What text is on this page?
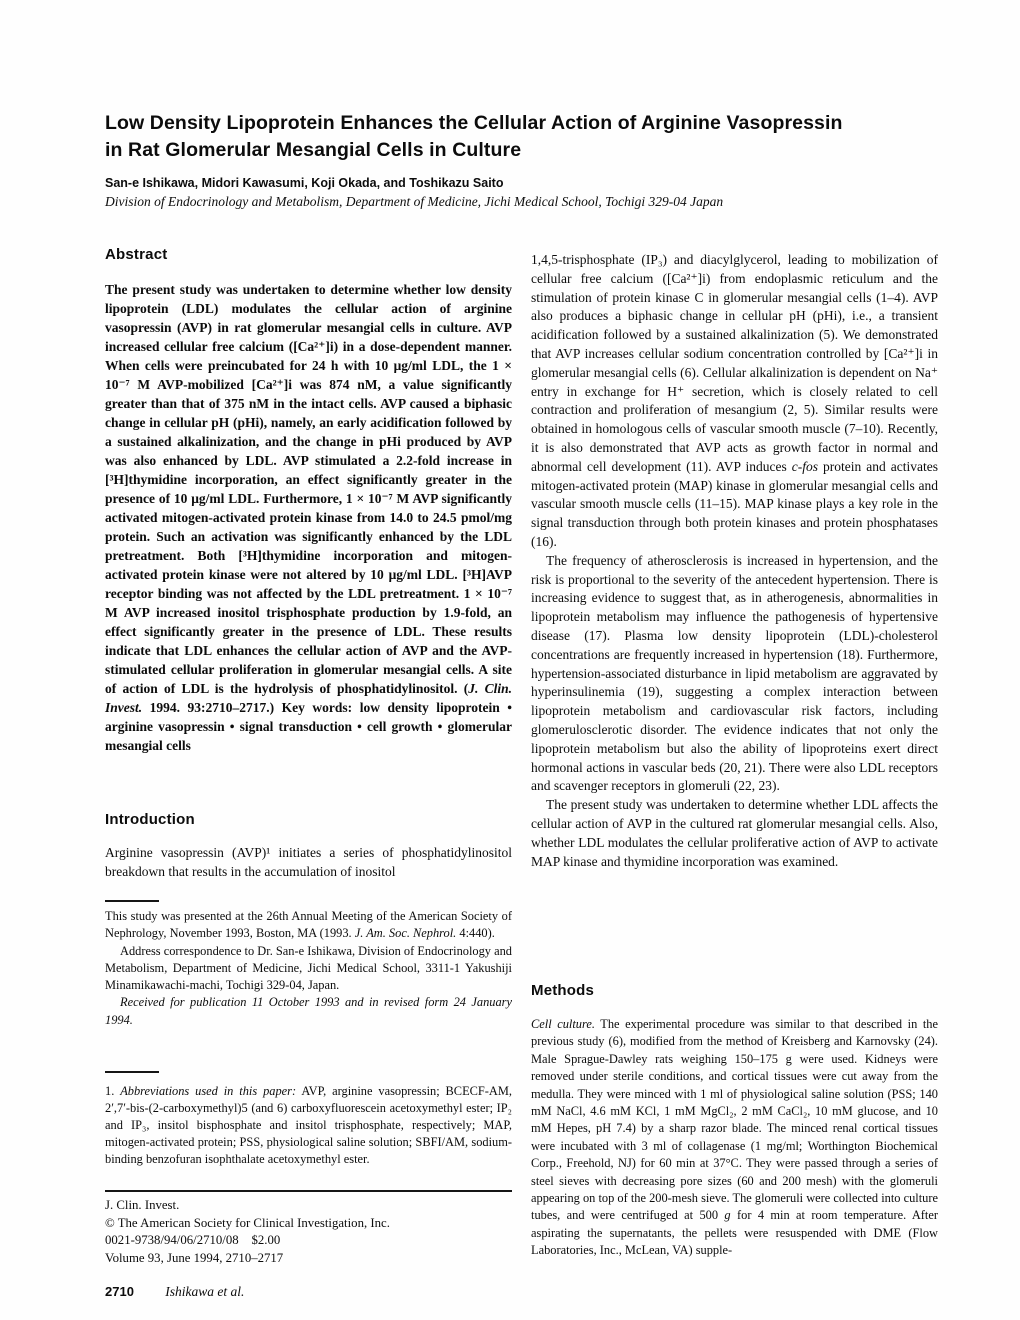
Low Density Lipoprotein Enhances the Cellular Action of Arginine Vasopressin
in Rat Glomerular Mesangial Cells in Culture
San-e Ishikawa, Midori Kawasumi, Koji Okada, and Toshikazu Saito
Division of Endocrinology and Metabolism, Department of Medicine, Jichi Medical School, Tochigi 329-04 Japan
Abstract

The present study was undertaken to determine whether low density lipoprotein (LDL) modulates the cellular action of arginine vasopressin (AVP) in rat glomerular mesangial cells in culture. AVP increased cellular free calcium ([Ca²⁺]i) in a dose-dependent manner. When cells were preincubated for 24 h with 10 μg/ml LDL, the 1 × 10⁻⁷ M AVP-mobilized [Ca²⁺]i was 874 nM, a value significantly greater than that of 375 nM in the intact cells. AVP caused a biphasic change in cellular pH (pHi), namely, an early acidification followed by a sustained alkalinization, and the change in pHi produced by AVP was also enhanced by LDL. AVP stimulated a 2.2-fold increase in [³H]thymidine incorporation, an effect significantly greater in the presence of 10 μg/ml LDL. Furthermore, 1 × 10⁻⁷ M AVP significantly activated mitogen-activated protein kinase from 14.0 to 24.5 pmol/mg protein. Such an activation was significantly enhanced by the LDL pretreatment. Both [³H]thymidine incorporation and mitogen-activated protein kinase were not altered by 10 μg/ml LDL. [³H]AVP receptor binding was not affected by the LDL pretreatment. 1 × 10⁻⁷ M AVP increased inositol trisphosphate production by 1.9-fold, an effect significantly greater in the presence of LDL. These results indicate that LDL enhances the cellular action of AVP and the AVP-stimulated cellular proliferation in glomerular mesangial cells. A site of action of LDL is the hydrolysis of phosphatidylinositol. (J. Clin. Invest. 1994. 93:2710–2717.) Key words: low density lipoprotein • arginine vasopressin • signal transduction • cell growth • glomerular mesangial cells

Introduction

Arginine vasopressin (AVP)¹ initiates a series of phosphatidylinositol breakdown that results in the accumulation of inositol

This study was presented at the 26th Annual Meeting of the American Society of Nephrology, November 1993, Boston, MA (1993. J. Am. Soc. Nephrol. 4:440).

Address correspondence to Dr. San-e Ishikawa, Division of Endocrinology and Metabolism, Department of Medicine, Jichi Medical School, 3311-1 Yakushiji Minamikawachi-machi, Tochigi 329-04, Japan.

Received for publication 11 October 1993 and in revised form 24 January 1994.

1. Abbreviations used in this paper: AVP, arginine vasopressin; BCECF-AM, 2′,7′-bis-(2-carboxymethyl)5 (and 6) carboxyfluorescein acetoxymethyl ester; IP₂ and IP₃, insitol bisphosphate and insitol trisphosphate, respectively; MAP, mitogen-activated protein; PSS, physiological saline solution; SBFI/AM, sodium-binding benzofuran isophthalate acetoxymethyl ester.

J. Clin. Invest.
© The American Society for Clinical Investigation, Inc.
0021-9738/94/06/2710/08  $2.00
Volume 93, June 1994, 2710–2717

1,4,5-trisphosphate (IP₃) and diacylglycerol, leading to mobilization of cellular free calcium ([Ca²⁺]i) from endoplasmic reticulum and the stimulation of protein kinase C in glomerular mesangial cells (1–4). AVP also produces a biphasic change in cellular pH (pHi), i.e., a transient acidification followed by a sustained alkalinization (5). We demonstrated that AVP increases cellular sodium concentration controlled by [Ca²⁺]i in glomerular mesangial cells (6). Cellular alkalinization is dependent on Na⁺ entry in exchange for H⁺ secretion, which is closely related to cell contraction and proliferation of mesangium (2, 5). Similar results were obtained in homologous cells of vascular smooth muscle (7–10). Recently, it is also demonstrated that AVP acts as growth factor in normal and abnormal cell development (11). AVP induces c-fos protein and activates mitogen-activated protein (MAP) kinase in glomerular mesangial cells and vascular smooth muscle cells (11–15). MAP kinase plays a key role in the signal transduction through both protein kinases and protein phosphatases (16).

The frequency of atherosclerosis is increased in hypertension, and the risk is proportional to the severity of the antecedent hypertension. There is increasing evidence to suggest that, as in atherogenesis, abnormalities in lipoprotein metabolism may influence the pathogenesis of hypertensive disease (17). Plasma low density lipoprotein (LDL)-cholesterol concentrations are frequently increased in hypertension (18). Furthermore, hypertension-associated disturbance in lipid metabolism are aggravated by hyperinsulinemia (19), suggesting a complex interaction between lipoprotein metabolism and cardiovascular risk factors, including glomerulosclerotic disorder. The evidence indicates that not only the lipoprotein metabolism but also the ability of lipoproteins exert direct hormonal actions in vascular beds (20, 21). There were also LDL receptors and scavenger receptors in glomeruli (22, 23).

The present study was undertaken to determine whether LDL affects the cellular action of AVP in the cultured rat glomerular mesangial cells. Also, whether LDL modulates the cellular proliferative action of AVP to activate MAP kinase and thymidine incorporation was examined.

Methods

Cell culture. The experimental procedure was similar to that described in the previous study (6), modified from the method of Kreisberg and Karnovsky (24). Male Sprague-Dawley rats weighing 150–175 g were used. Kidneys were removed under sterile conditions, and cortical tissues were cut away from the medulla. They were minced with 1 ml of physiological saline solution (PSS; 140 mM NaCl, 4.6 mM KCl, 1 mM MgCl₂, 2 mM CaCl₂, 10 mM glucose, and 10 mM Hepes, pH 7.4) by a sharp razor blade. The minced renal cortical tissues were incubated with 3 ml of collagenase (1 mg/ml; Worthington Biochemical Corp., Freehold, NJ) for 60 min at 37°C. They were passed through a series of steel sieves with decreasing pore sizes (60 and 200 mesh) with the glomeruli appearing on top of the 200-mesh sieve. The glomeruli were collected into culture tubes, and were centrifuged at 500 g for 4 min at room temperature. After aspirating the supernatants, the pellets were resuspended with DME (Flow Laboratories, Inc., McLean, VA) supple-

2710 Ishikawa et al.
